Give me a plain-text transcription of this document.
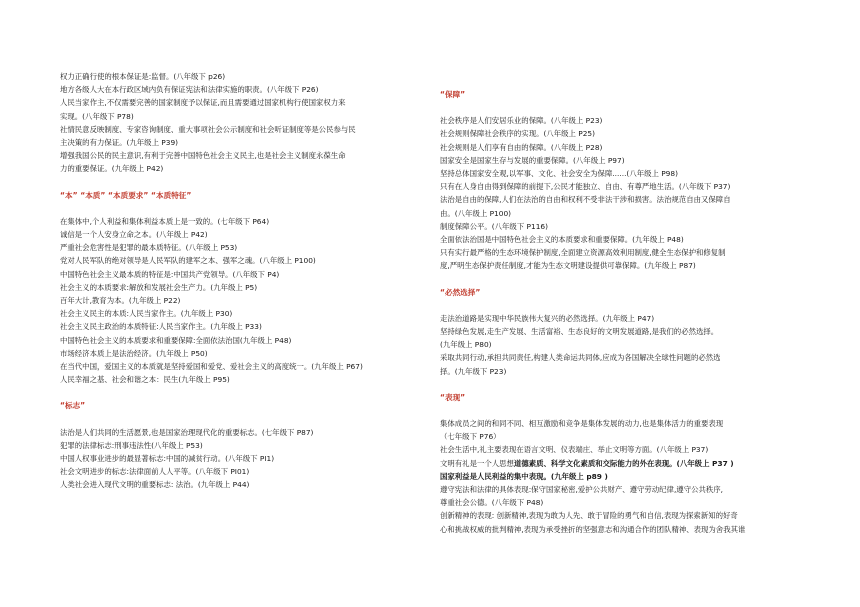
权力正确行使的根本保证是:监督。(八年级下 p26)
地方各级人大在本行政区域内负有保证宪法和法律实施的职责。(八年级下 P26)
人民当家作主,不仅需要完善的国家制度予以保证,而且需要通过国家机构行使国家权力来
实现。(八年级下 P78)
社情民意反映制度、专家咨询制度、重大事项社会公示制度和社会听证制度等是公民参与民
主决策的有力保证。(九年级上 P39)
增强我国公民的民主意识,有利于完善中国特色社会主义民主,也是社会主义制度永葆生命
力的重要保证。(九年级上 P42)
“本” “本质” “本质要求” “本质特征”
在集体中,个人利益和集体利益本质上是一致的。(七年级下 P64)
诚信是一个人安身立命之本。(八年级上 P42)
严重社会危害性是犯罪的最本质特征。(八年级上 P53)
党对人民军队的绝对领导是人民军队的建军之本、强军之魂。(八年级上 P100)
中国特色社会主义最本质的特征是:中国共产党领导。(八年级下 P4)
社会主义的本质要求:解放和发展社会生产力。(九年级上 P5)
百年大计,教育为本。(九年级上 P22)
社会主义民主的本质:人民当家作主。(九年级上 P30)
社会主义民主政治的本质特征:人民当家作主。(九年级上 P33)
中国特色社会主义的本质要求和重要保障:全面依法治国(九年级上 P48)
市场经济本质上是法治经济。(九年级上 P50)
在当代中国，爱国主义的本质就是坚持爱国和爱党、爱社会主义的高度统一。(九年级上 P67)
人民幸福之基、社会和谐之本：民生(九年级上 P95)
“标志”
法治是人们共同的生活愿景,也是国家治理现代化的重要标志。(七年级下 P87)
犯罪的法律标志:刑事违法性(八年级上 P53)
中国人权事业进步的最显著标志:中国的减贫行动。(八年级下 PI1)
社会文明进步的标志:法律面前人人平等。(八年级下 PI01)
人类社会进入现代文明的重要标志: 法治。(九年级上 P44)
“保障”
社会秩序是人们安居乐业的保障。(八年级上 P23)
社会规则保障社会秩序的实现。(八年级上 P25)
社会规则是人们享有自由的保障。(八年级上 P28)
国家安全是国家生存与发展的重要保障。(八年级上 P97)
坚持总体国家安全观,以军事、文化、社会安全为保障......(八年级上 P98)
只有在人身自由得到保障的前提下,公民才能独立、自由、有尊严地生活。(八年级下 P37)
法治是自由的保障,人们在法治的自由和权利不受非法干涉和损害。法治规范自由又保障自
由。(八年级上 P100)
制度保障公平。(八年级下 P116)
全面依法治国是中国特色社会主义的本质要求和重要保障。(九年级上 P48)
只有实行最严格的生态环境保护制度,全面建立资源高效利用制度,健全生态保护和修复制
度,严明生态保护责任制度,才能为生态文明建设提供可靠保障。(九年级上 P87)
“必然选择”
走法治道路是实现中华民族伟大复兴的必然选择。(九年级上 P47)
坚持绿色发展,走生产发展、生活富裕、生态良好的文明发展道路,是我们的必然选择。
(九年级上 P80)
采取共同行动,承担共同责任,构建人类命运共同体,应成为各国解决全球性问题的必然选
择。(九年级下 P23)
“表现”
集体成员之间的和同不同、相互激励和竞争是集体发展的动力,也是集体活力的重要表现
（七年级下 P76）
社会生活中,礼主要表现在语言文明、仪表端庄、举止文明等方面。(八年级上 P37)
文明有礼是一个人思想道德素质、科学文化素质和交际能力的外在表现。(八年级上 P37 )
国家利益是人民利益的集中表现。(九年级上 p89 )
遵守宪法和法律的具体表现:保守国家秘密,爱护公共财产、遵守劳动纪律,遵守公共秩序,
尊重社会公德。(八年级下 P48)
创新精神的表现: 创新精神,表现为敢为人先、敢于冒险的勇气和自信,表现为探索新知的好奇
心和挑战权威的批判精神,表现为承受挫折的坚强意志和沟通合作的团队精神、表现为舍我其谁
